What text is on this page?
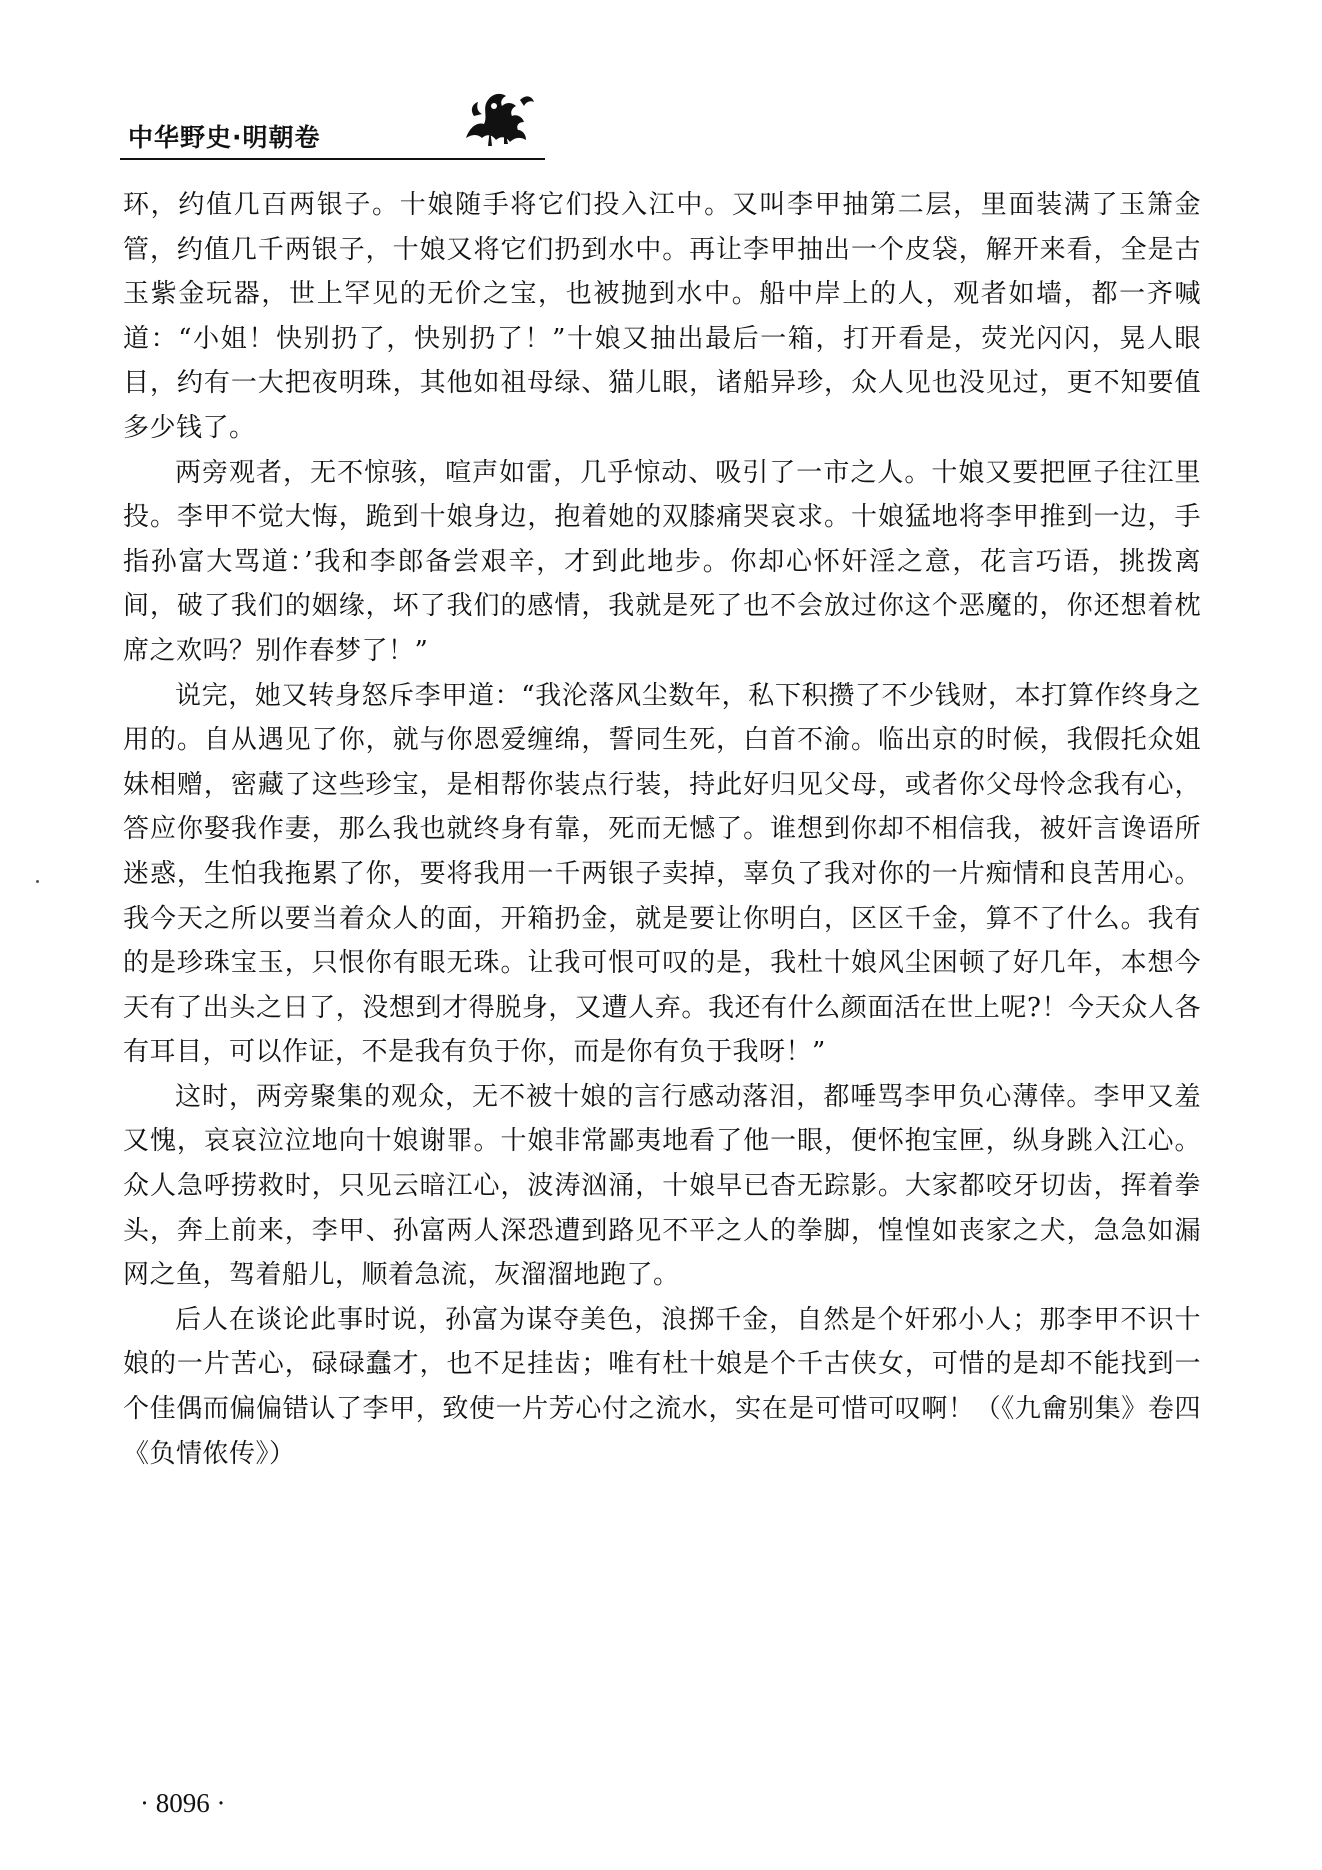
中华野史·明朝卷

环，约值几百两银子。十娘随手将它们投入江中。又叫李甲抽第二层，里面装满了玉箫金管，约值几千两银子，十娘又将它们扔到水中。再让李甲抽出一个皮袋，解开来看，全是古玉紫金玩器，世上罕见的无价之宝，也被抛到水中。船中岸上的人，观者如墙，都一齐喊道：“小姐！快别扔了，快别扔了！”十娘又抽出最后一箱，打开看是，荧光闪闪，晃人眼目，约有一大把夜明珠，其他如祖母绿、猫儿眼，诸船异珍，众人见也没见过，更不知要值多少钱了。

两旁观者，无不惊骇，喧声如雷，几乎惊动、吸引了一市之人。十娘又要把匣子往江里投。李甲不觉大悔，跪到十娘身边，抱着她的双膝痛哭哀求。十娘猛地将李甲推到一边，手指孙富大骂道：’我和李郎备尝艰辛，才到此地步。你却心怀奸淫之意，花言巧语，挑拨离间，破了我们的姻缘，坏了我们的感情，我就是死了也不会放过你这个恶魔的，你还想着枕席之欢吗？别作春梦了！”

说完，她又转身怒斥李甲道：“我沦落风尘数年，私下积攒了不少钱财，本打算作终身之用的。自从遇见了你，就与你恩爱缠绵，誓同生死，白首不渝。临出京的时候，我假托众姐妹相赠，密藏了这些珍宝，是相帮你装点行装，持此好归见父母，或者你父母怜念我有心，答应你娶我作妻，那么我也就终身有靠，死而无憾了。谁想到你却不相信我，被奸言谗语所迷惑，生怕我拖累了你，要将我用一千两银子卖掉，辜负了我对你的一片痴情和良苦用心。我今天之所以要当着众人的面，开箱扔金，就是要让你明白，区区千金，算不了什么。我有的是珍珠宝玉，只恨你有眼无珠。让我可恨可叹的是，我杜十娘风尘困顿了好几年，本想今天有了出头之日了，没想到才得脱身，又遭人弃。我还有什么颜面活在世上呢?！今天众人各有耳目，可以作证，不是我有负于你，而是你有负于我呀！”

这时，两旁聚集的观众，无不被十娘的言行感动落泪，都唾骂李甲负心薄倖。李甲又羞又愧，哀哀泣泣地向十娘谢罪。十娘非常鄙夷地看了他一眼，便怀抱宝匣，纵身跳入江心。众人急呼捞救时，只见云暗江心，波涛汹涌，十娘早已杳无踪影。大家都咬牙切齿，挥着拳头，奔上前来，李甲、孙富两人深恐遭到路见不平之人的拳脚，惶惶如丧家之犬，急急如漏网之鱼，驾着船儿，顺着急流，灰溜溜地跑了。

后人在谈论此事时说，孙富为谋夺美色，浪掷千金，自然是个奸邪小人；那李甲不识十娘的一片苦心，碌碌蠢才，也不足挂齿；唯有杜十娘是个千古侠女，可惜的是却不能找到一个佳偶而偏偏错认了李甲，致使一片芳心付之流水，实在是可惜可叹啊！（《九龠别集》卷四《负情侬传》）

· 8096 ·
